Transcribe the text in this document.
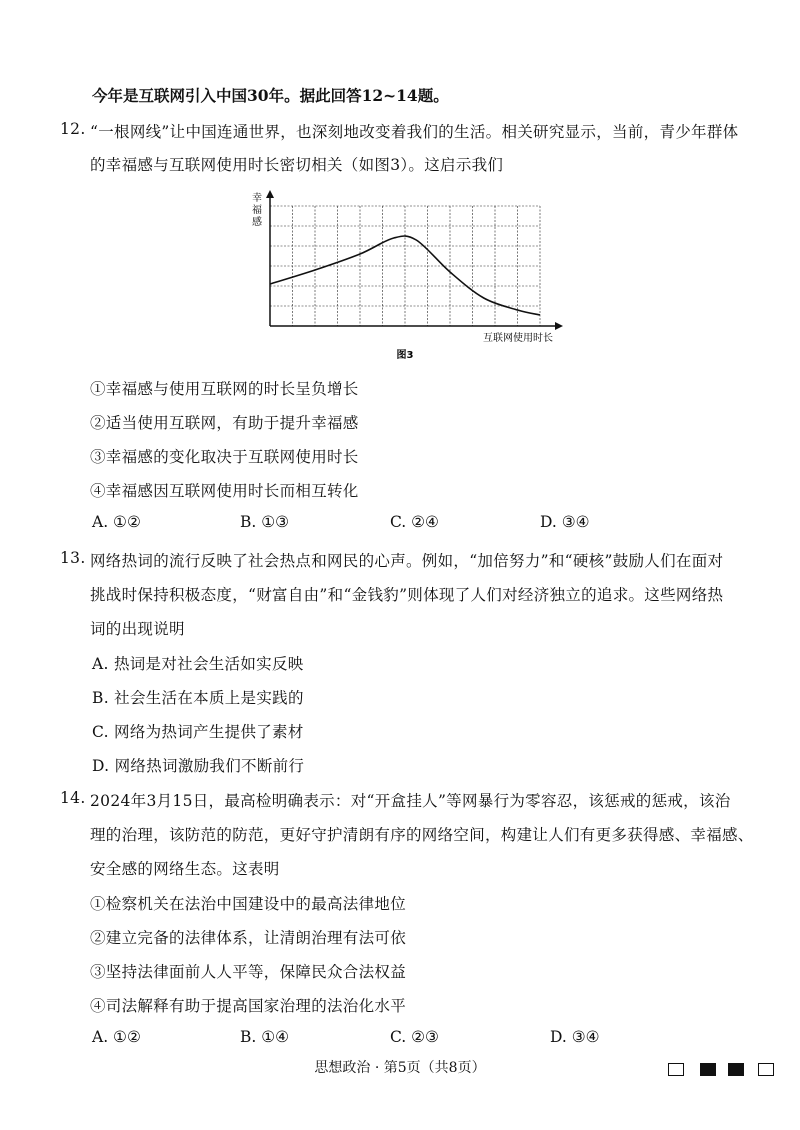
今年是互联网引入中国30年。据此回答12~14题。
12. “一根网线”让中国连通世界，也深刻地改变着我们的生活。相关研究显示，当前，青少年群体
的幸福感与互联网使用时长密切相关（如图3）。这启示我们
幸
福
感
互联网使用时长
图3
①幸福感与使用互联网的时长呈负增长
②适当使用互联网，有助于提升幸福感
③幸福感的变化取决于互联网使用时长
④幸福感因互联网使用时长而相互转化
A. ①②	B. ①③	C. ②④	D. ③④
13. 网络热词的流行反映了社会热点和网民的心声。例如，“加倍努力”和“硬核”鼓励人们在面对
挑战时保持积极态度，“财富自由”和“金钱豹”则体现了人们对经济独立的追求。这些网络热
词的出现说明
A. 热词是对社会生活如实反映
B. 社会生活在本质上是实践的
C. 网络为热词产生提供了素材
D. 网络热词激励我们不断前行
14. 2024年3月15日，最高检明确表示：对“开盒挂人”等网暴行为零容忍，该惩戒的惩戒，该治
理的治理，该防范的防范，更好守护清朗有序的网络空间，构建让人们有更多获得感、幸福感、
安全感的网络生态。这表明
①检察机关在法治中国建设中的最高法律地位
②建立完备的法律体系，让清朗治理有法可依
③坚持法律面前人人平等，保障民众合法权益
④司法解释有助于提高国家治理的法治化水平
A. ①②	B. ①④	C. ②③	D. ③④
思想政治 · 第5页（共8页）
